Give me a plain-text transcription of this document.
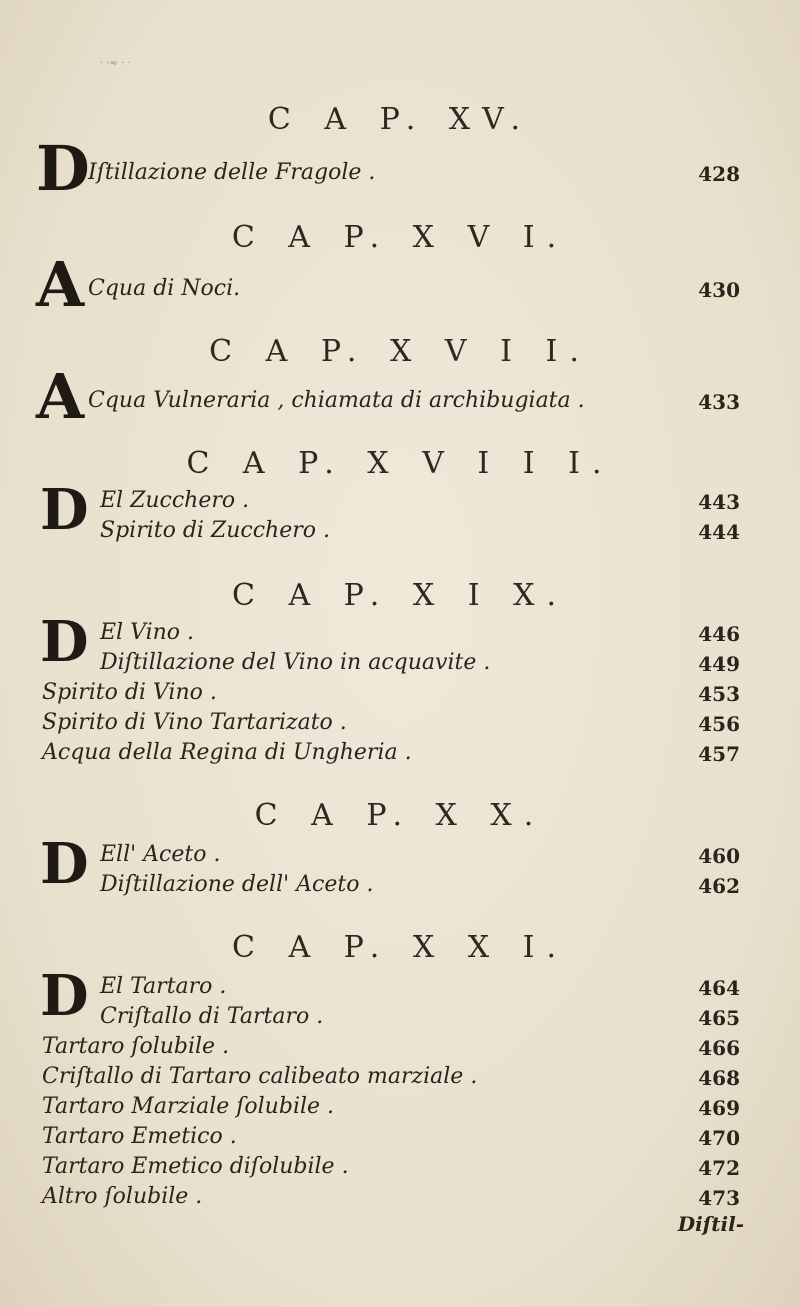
· ·≈ · ·
C A P. XV.
D
Iſtillazione delle Fragole .	428
C A P. X V I.
A Cqua di Noci.	430
C A P. X V I I.
A Cqua Vulneraria , chiamata di archibugiata .	433
C A P. X V I I I.
D El Zucchero .	443
Spirito di Zucchero .	444
C A P. X I X.
D El Vino .	446
Diſtillazione del Vino in acquavite .	449
Spirito di Vino .	453
Spirito di Vino Tartarizato .	456
Acqua della Regina di Ungheria .	457
C A P. X X.
D Ell' Aceto .	460
Diſtillazione dell' Aceto .	462
C A P. X X I.
D El Tartaro .	464
Criſtallo di Tartaro .	465
Tartaro ſolubile .	466
Criſtallo di Tartaro calibeato marziale .	468
Tartaro Marziale ſolubile .	469
Tartaro Emetico .	470
Tartaro Emetico diſolubile .	472
Altro ſolubile .	473
Diſtil-
